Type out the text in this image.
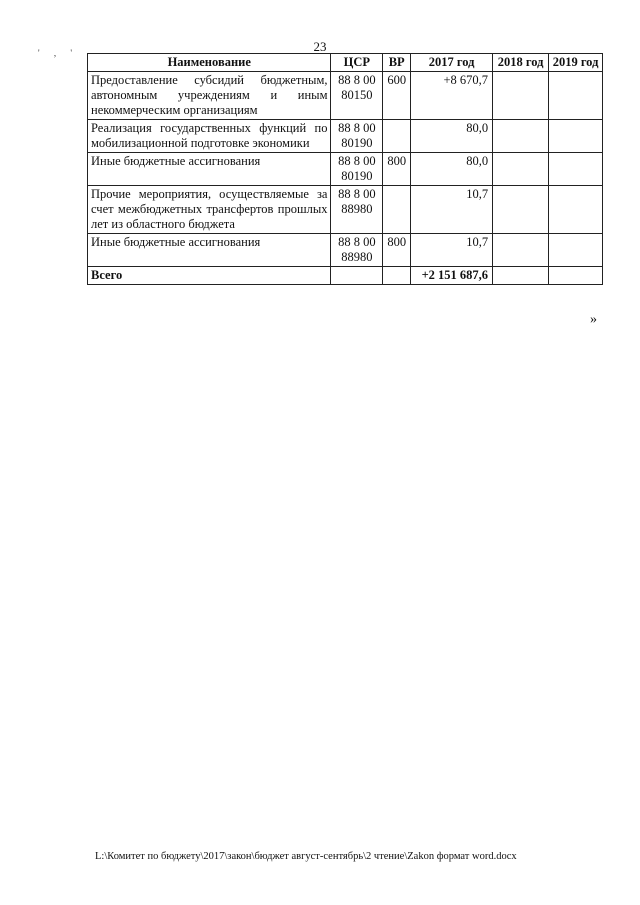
23
' , '
Наименование	ЦСР	ВР	2017 год	2018 год	2019 год
Предоставление субсидий бюджетным, автономным учреждениям и иным некоммерческим организациям	88 8 00 80150	600	+8 670,7		
Реализация государственных функций по мобилизационной подготовке экономики	88 8 00 80190		80,0		
Иные бюджетные ассигнования	88 8 00 80190	800	80,0		
Прочие мероприятия, осуществляемые за счет межбюджетных трансфертов прошлых лет из областного бюджета	88 8 00 88980		10,7		
Иные бюджетные ассигнования	88 8 00 88980	800	10,7		
Всего			+2 151 687,6		
»
L:\Комитет по бюджету\2017\закон\бюджет август-сентябрь\2 чтение\Zakon формат word.docx
